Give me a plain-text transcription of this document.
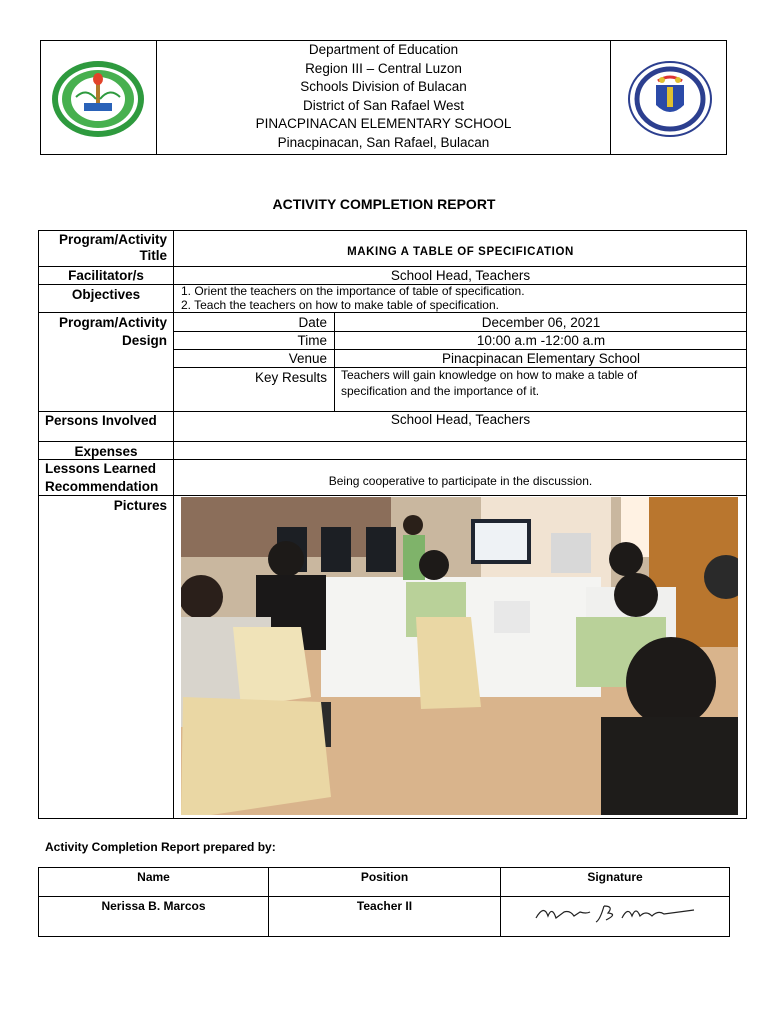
Department of Education
Region III – Central Luzon
Schools Division of Bulacan
District of San Rafael West
PINACPINACAN ELEMENTARY SCHOOL
Pinacpinacan, San Rafael, Bulacan
ACTIVITY COMPLETION REPORT
Program/Activity
Title	MAKING A TABLE OF SPECIFICATION
Facilitator/s	School Head, Teachers
Objectives	1. Orient the teachers on the importance of table of specification.
2. Teach the teachers on how to make table of specification.
Program/Activity
Design
Date	December 06, 2021
Time	10:00 a.m -12:00 a.m
Venue	Pinacpinacan Elementary School
Key Results Teachers will gain knowledge on how to make a table of
specification and the importance of it.
Persons Involved	School Head, Teachers
Expenses
Lessons Learned
Recommendation	Being cooperative to participate in the discussion.
Pictures
Activity Completion Report prepared by:
Name	Position	Signature
Nerissa B. Marcos	Teacher II
